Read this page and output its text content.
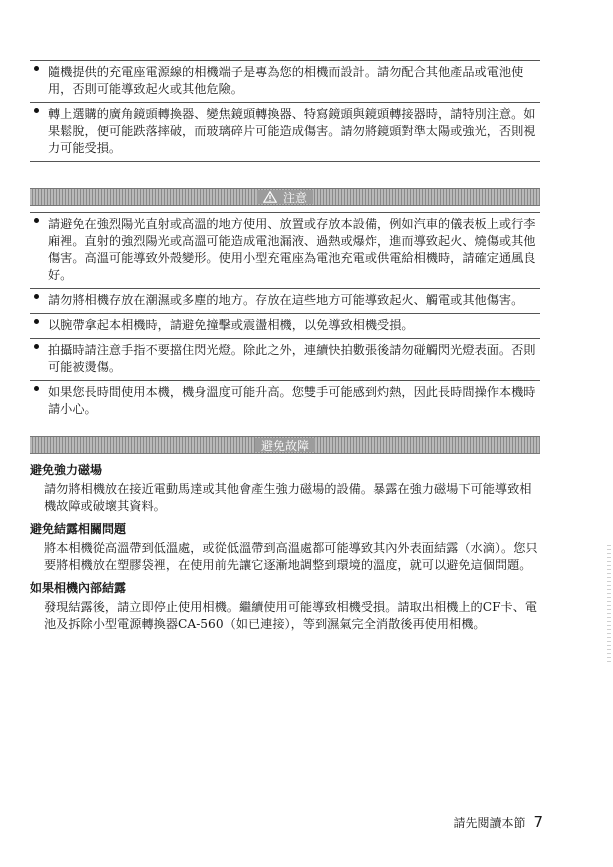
隨機提供的充電座電源線的相機端子是專為您的相機而設計。請勿配合其他產品或電池使用，否則可能導致起火或其他危險。
轉上選購的廣角鏡頭轉換器、變焦鏡頭轉換器、特寫鏡頭與鏡頭轉接器時，請特別注意。如果鬆脫，便可能跌落摔破，而玻璃碎片可能造成傷害。請勿將鏡頭對準太陽或強光，否則視力可能受損。
注意
請避免在強烈陽光直射或高溫的地方使用、放置或存放本設備，例如汽車的儀表板上或行李廂裡。直射的強烈陽光或高溫可能造成電池漏液、過熱或爆炸，進而導致起火、燒傷或其他傷害。高溫可能導致外殼變形。使用小型充電座為電池充電或供電給相機時，請確定通風良好。
請勿將相機存放在潮濕或多塵的地方。存放在這些地方可能導致起火、觸電或其他傷害。
以腕帶拿起本相機時，請避免撞擊或震盪相機，以免導致相機受損。
拍攝時請注意手指不要擋住閃光燈。除此之外，連續快拍數張後請勿碰觸閃光燈表面。否則可能被燙傷。
如果您長時間使用本機，機身溫度可能升高。您雙手可能感到灼熱，因此長時間操作本機時請小心。
避免故障
避免強力磁場

請勿將相機放在接近電動馬達或其他會產生強力磁場的設備。暴露在強力磁場下可能導致相機故障或破壞其資料。

避免結露相關問題

將本相機從高溫帶到低溫處，或從低溫帶到高溫處都可能導致其內外表面結露（水滴）。您只要將相機放在塑膠袋裡，在使用前先讓它逐漸地調整到環境的溫度，就可以避免這個問題。

如果相機內部結露

發現結露後，請立即停止使用相機。繼續使用可能導致相機受損。請取出相機上的CF卡、電池及拆除小型電源轉換器CA-560（如已連接），等到濕氣完全消散後再使用相機。

請先閱讀本節 7
